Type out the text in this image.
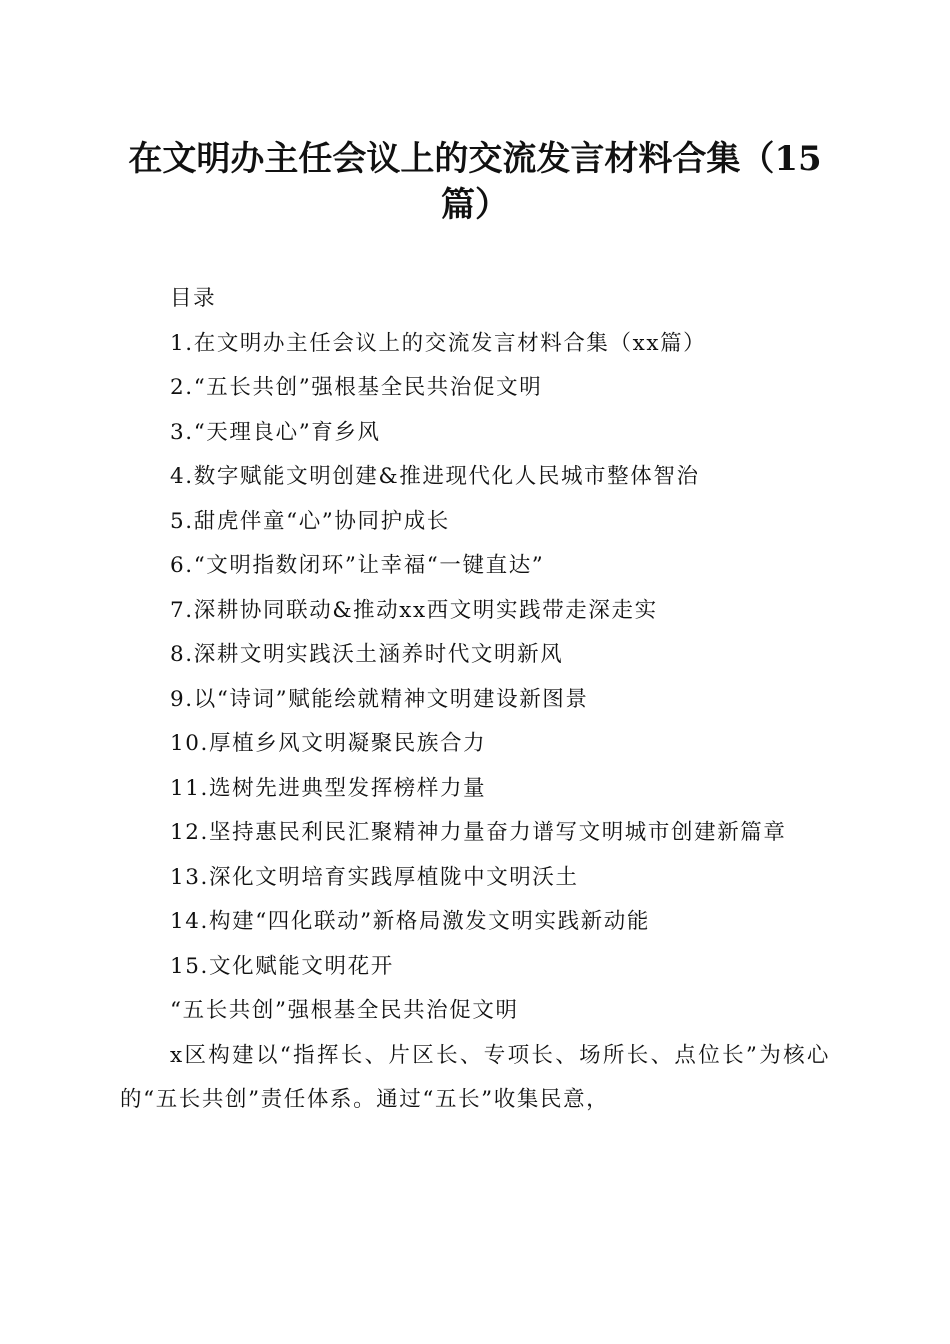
在文明办主任会议上的交流发言材料合集（15篇）

目录

1.在文明办主任会议上的交流发言材料合集（xx篇）

2.“五长共创”强根基全民共治促文明

3.“天理良心”育乡风

4.数字赋能文明创建&推进现代化人民城市整体智治

5.甜虎伴童“心”协同护成长

6.“文明指数闭环”让幸福“一键直达”

7.深耕协同联动&推动xx西文明实践带走深走实

8.深耕文明实践沃土涵养时代文明新风

9.以“诗词”赋能绘就精神文明建设新图景

10.厚植乡风文明凝聚民族合力

11.选树先进典型发挥榜样力量

12.坚持惠民利民汇聚精神力量奋力谱写文明城市创建新篇章

13.深化文明培育实践厚植陇中文明沃土

14.构建“四化联动”新格局激发文明实践新动能

15.文化赋能文明花开

“五长共创”强根基全民共治促文明

x区构建以“指挥长、片区长、专项长、场所长、点位长”为核心的“五长共创”责任体系。通过“五长”收集民意，
